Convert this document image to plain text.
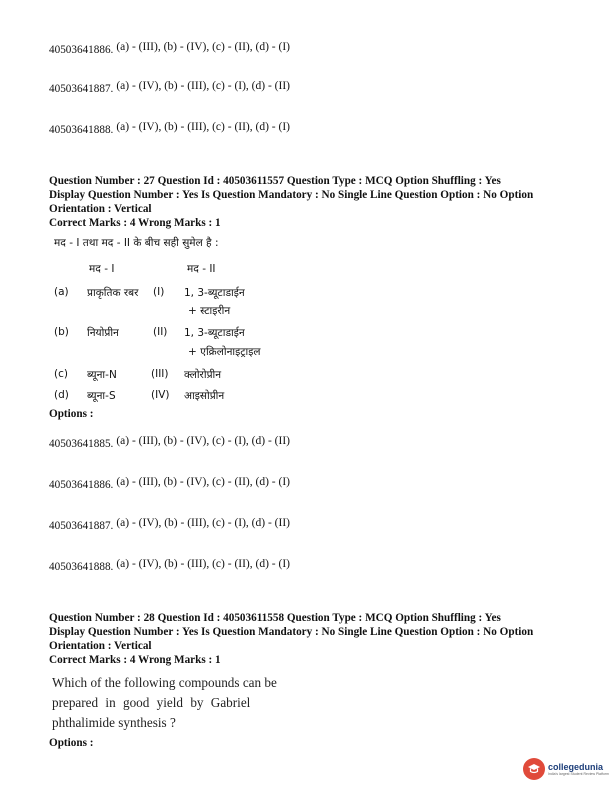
40503641886. (a) - (III), (b) - (IV), (c) - (II), (d) - (I)
40503641887. (a) - (IV), (b) - (III), (c) - (I), (d) - (II)
40503641888. (a) - (IV), (b) - (III), (c) - (II), (d) - (I)
Question Number : 27 Question Id : 40503611557 Question Type : MCQ Option Shuffling : Yes
Display Question Number : Yes Is Question Mandatory : No Single Line Question Option : No Option
Orientation : Vertical
Correct Marks : 4 Wrong Marks : 1
मद - I तथा मद - II के बीच सही सुमेल है :
मद - I	मद - II
(a) प्राकृतिक रबर (I) 1, 3-ब्यूटाडाईन
+ स्टाइरीन
(b) नियोप्रीन	(II) 1, 3-ब्यूटाडाईन
+ एक्रिलोनाइट्राइल
(c) ब्यूना-N	(III) क्लोरोप्रीन
(d) ब्यूना-S	(IV) आइसोप्रीन
Options :
40503641885. (a) - (III), (b) - (IV), (c) - (I), (d) - (II)
40503641886. (a) - (III), (b) - (IV), (c) - (II), (d) - (I)
40503641887. (a) - (IV), (b) - (III), (c) - (I), (d) - (II)
40503641888. (a) - (IV), (b) - (III), (c) - (II), (d) - (I)
Question Number : 28 Question Id : 40503611558 Question Type : MCQ Option Shuffling : Yes
Display Question Number : Yes Is Question Mandatory : No Single Line Question Option : No Option
Orientation : Vertical
Correct Marks : 4 Wrong Marks : 1
Which of the following compounds can be
prepared in good yield by Gabriel
phthalimide synthesis ?
Options :
collegedunia
India's largest Student Review Platform
